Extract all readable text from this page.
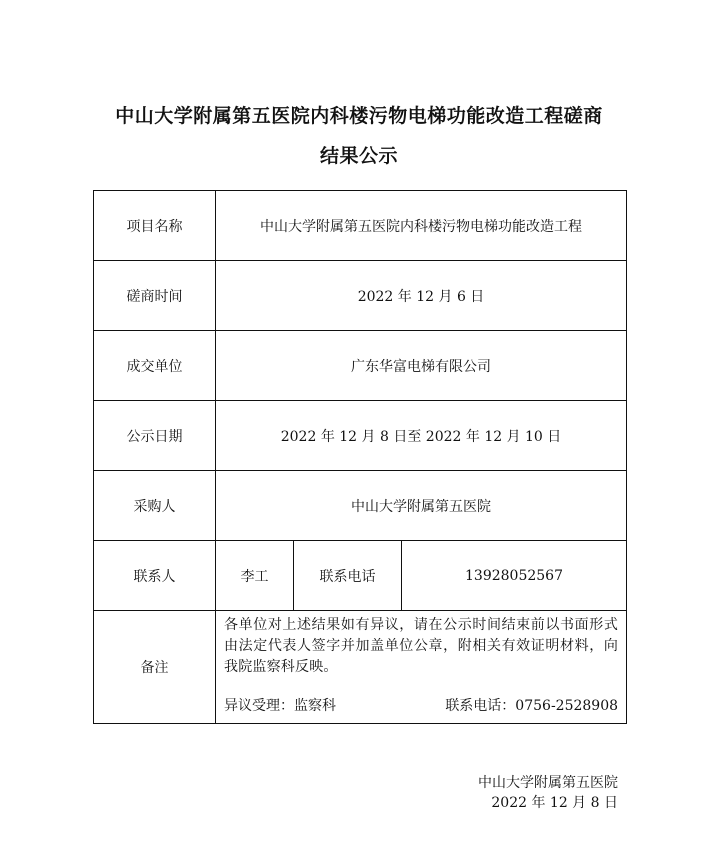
中山大学附属第五医院内科楼污物电梯功能改造工程磋商
结果公示
项目名称	中山大学附属第五医院内科楼污物电梯功能改造工程		
磋商时间	2022 年 12 月 6 日		
成交单位	广东华富电梯有限公司		
公示日期	2022 年 12 月 8 日至 2022 年 12 月 10 日		
采购人	中山大学附属第五医院		
联系人	李工	联系电话	13928052567
备注	各单位对上述结果如有异议，请在公示时间结束前以书面形式由法定代表人签字并加盖单位公章，附相关有效证明材料，向我院监察科反映。
异议受理：监察科 联系电话：0756-2528908		
中山大学附属第五医院
2022 年 12 月 8 日
